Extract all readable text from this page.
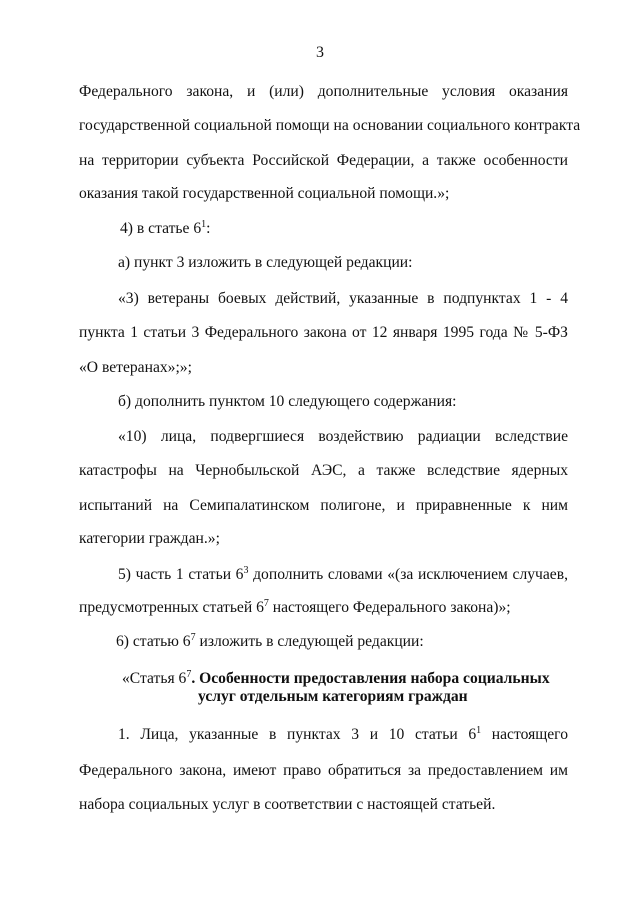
3
Федерального закона, и (или) дополнительные условия оказания
государственной социальной помощи на основании социального контракта
на территории субъекта Российской Федерации, а также особенности
оказания такой государственной социальной помощи.»;
4) в статье $6^1$:
а) пункт 3 изложить в следующей редакции:
«3) ветераны боевых действий, указанные в подпунктах 1 - 4
пункта 1 статьи 3 Федерального закона от 12 января 1995 года № 5-ФЗ
«О ветеранах»;»;
б) дополнить пунктом 10 следующего содержания:
«10) лица, подвергшиеся воздействию радиации вследствие
катастрофы на Чернобыльской АЭС, а также вследствие ядерных
испытаний на Семипалатинском полигоне, и приравненные к ним
категории граждан.»;
5) часть 1 статьи $6^3$ дополнить словами «(за исключением случаев,
предусмотренных статьей $6^7$ настоящего Федерального закона)»;
6) статью $6^7$ изложить в следующей редакции:
«Статья $6^7$. Особенности предоставления набора социальных
услуг отдельным категориям граждан
1. Лица, указанные в пунктах 3 и 10 статьи $6^1$ настоящего
Федерального закона, имеют право обратиться за предоставлением им
набора социальных услуг в соответствии с настоящей статьей.
